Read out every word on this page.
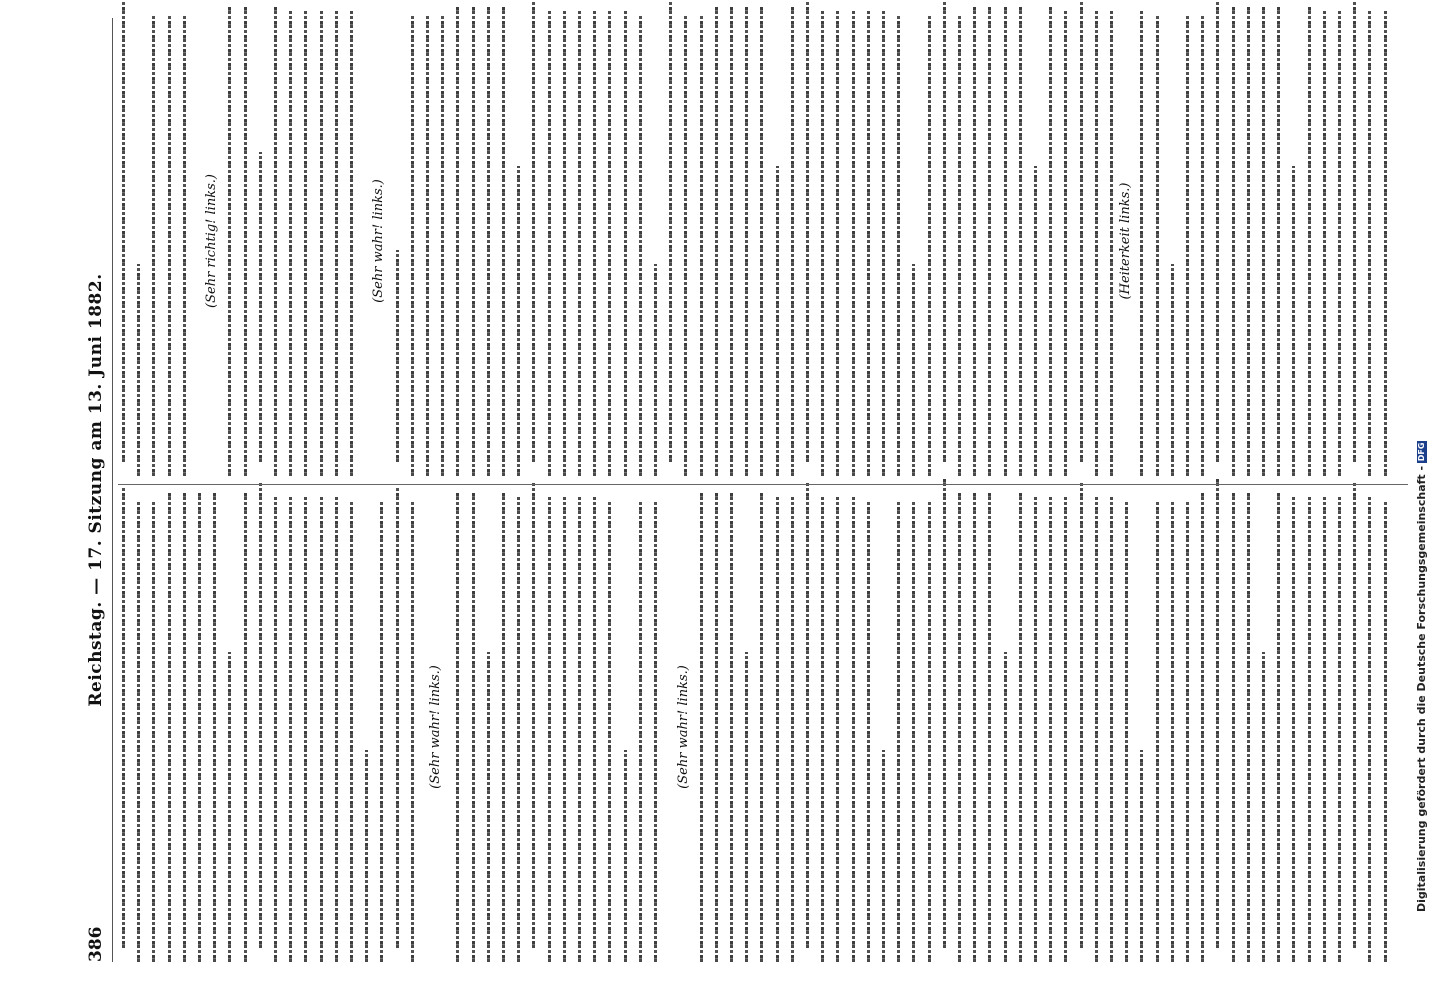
386
Reichstag. — 17. Sitzung am 13. Juni 1882.
(Sehr wahr! links.)	(Sehr wahr! links.)
(Sehr richtig! links.)	(Sehr wahr! links.)	(Heiterkeit links.)
Digitalisierung gefördert durch die Deutsche Forschungsgemeinschaft -DFG
